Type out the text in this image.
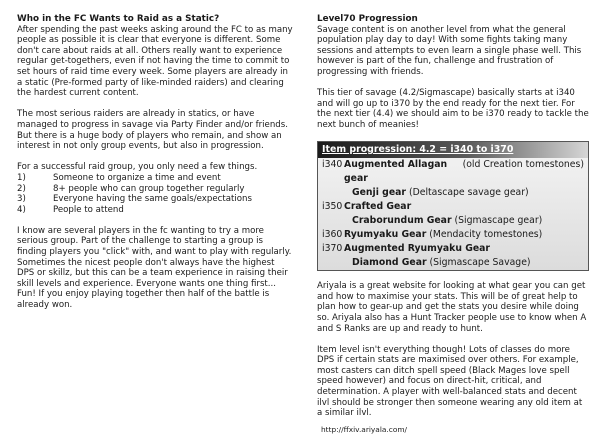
Who in the FC Wants to Raid as a Static?

After spending the past weeks asking around the FC to as many people as possible it is clear that everyone is different. Some don't care about raids at all. Others really want to experience regular get-togethers, even if not having the time to commit to set hours of raid time every week. Some players are already in a static (Pre-formed party of like-minded raiders) and clearing the hardest current content.

The most serious raiders are already in statics, or have managed to progress in savage via Party Finder and/or friends. But there is a huge body of players who remain, and show an interest in not only group events, but also in progression.

For a successful raid group, you only need a few things.

1)	Someone to organize a time and event
2)	8+ people who can group together regularly
3)	Everyone having the same goals/expectations
4)	People to attend

I know are several players in the fc wanting to try a more serious group. Part of the challenge to starting a group is finding players you "click" with, and want to play with regularly. Sometimes the nicest people don't always have the highest DPS or skillz, but this can be a team experience in raising their skill levels and experience. Everyone wants one thing first... Fun! If you enjoy playing together then half of the battle is already won.

Level70 Progression

Savage content is on another level from what the general population play day to day! With some fights taking many sessions and attempts to even learn a single phase well. This however is part of the fun, challenge and frustration of progressing with friends.

This tier of savage (4.2/Sigmascape) basically starts at i340 and will go up to i370 by the end ready for the next tier. For the next tier (4.4) we should aim to be i370 ready to tackle the next bunch of meanies!

Item progression: 4.2 = i340 to i370
i340 Augmented Allagan gear
(old Creation tomestones)
Genji gear (Deltascape savage gear)
i350 Crafted Gear
Craborundum Gear (Sigmascape gear)
i360 Ryumyaku Gear (Mendacity tomestones)
i370 Augmented Ryumyaku Gear
Diamond Gear (Sigmascape Savage)

Ariyala is a great website for looking at what gear you can get and how to maximise your stats. This will be of great help to plan how to gear-up and get the stats you desire while doing so. Ariyala also has a Hunt Tracker people use to know when A and S Ranks are up and ready to hunt.

Item level isn't everything though! Lots of classes do more DPS if certain stats are maximised over others. For example, most casters can ditch spell speed (Black Mages love spell speed however) and focus on direct-hit, critical, and determination. A player with well-balanced stats and decent ilvl should be stronger then someone wearing any old item at a similar ilvl.

http://ffxiv.ariyala.com/
